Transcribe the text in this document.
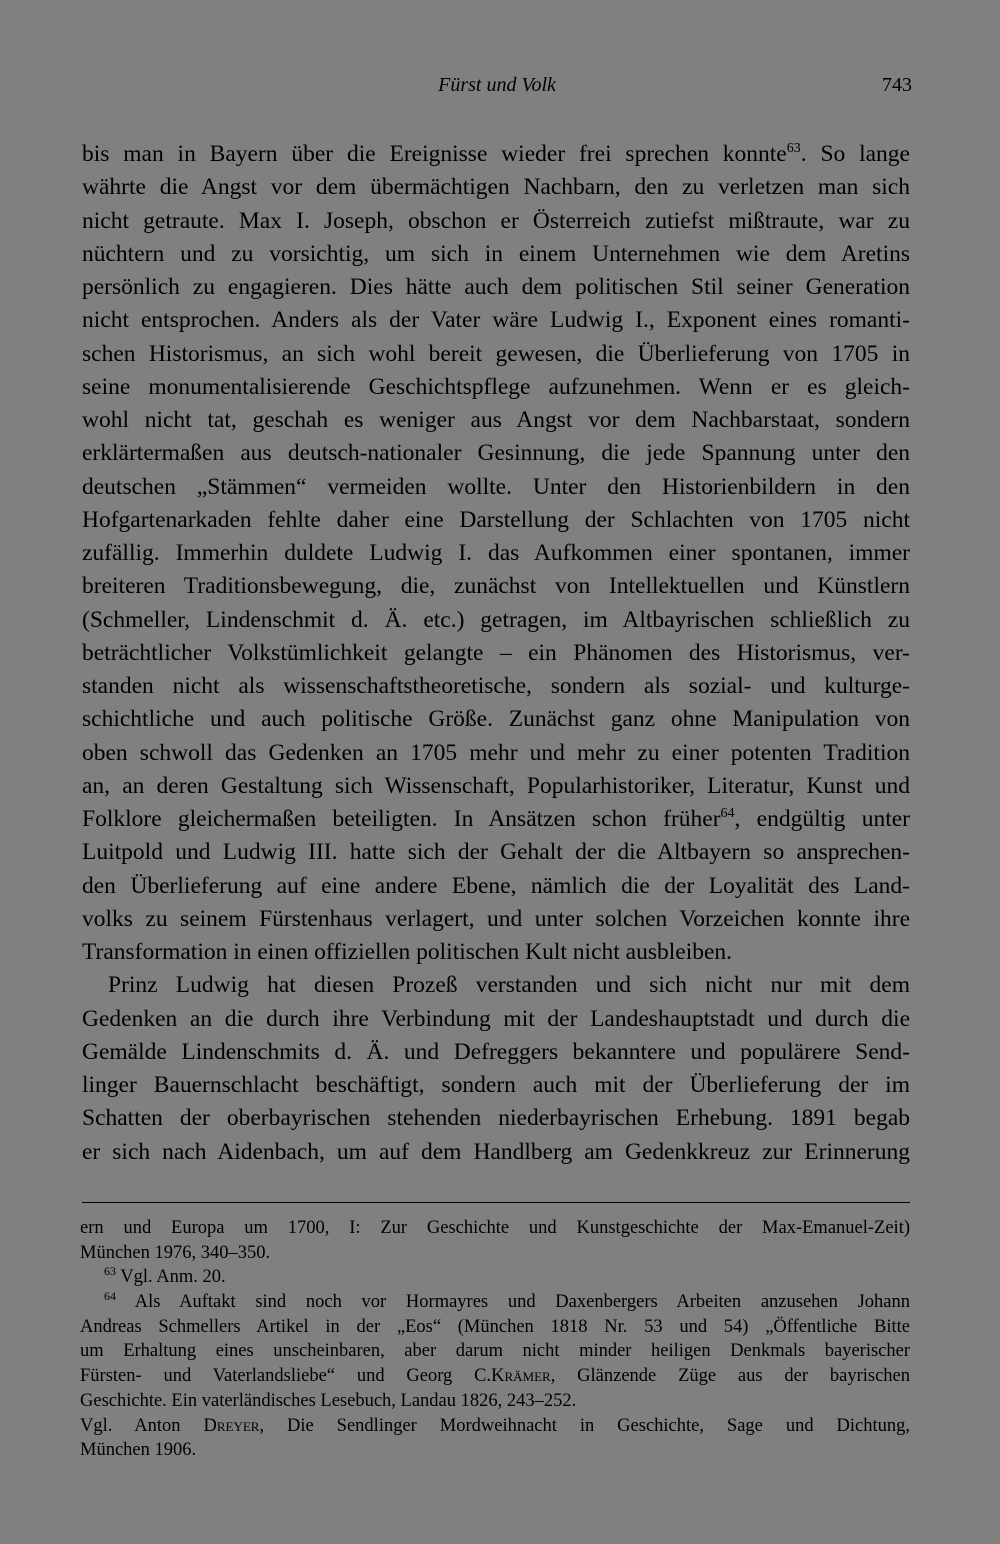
Fürst und Volk	743
bis man in Bayern über die Ereignisse wieder frei sprechen konnte$^{63}$. So lange
währte die Angst vor dem übermächtigen Nachbarn, den zu verletzen man sich
nicht getraute. Max I. Joseph, obschon er Österreich zutiefst mißtraute, war zu
nüchtern und zu vorsichtig, um sich in einem Unternehmen wie dem Aretins
persönlich zu engagieren. Dies hätte auch dem politischen Stil seiner Generation
nicht entsprochen. Anders als der Vater wäre Ludwig I., Exponent eines romanti-
schen Historismus, an sich wohl bereit gewesen, die Überlieferung von 1705 in
seine monumentalisierende Geschichtspflege aufzunehmen. Wenn er es gleich-
wohl nicht tat, geschah es weniger aus Angst vor dem Nachbarstaat, sondern
erklärtermaßen aus deutsch-nationaler Gesinnung, die jede Spannung unter den
deutschen „Stämmen“ vermeiden wollte. Unter den Historienbildern in den
Hofgartenarkaden fehlte daher eine Darstellung der Schlachten von 1705 nicht
zufällig. Immerhin duldete Ludwig I. das Aufkommen einer spontanen, immer
breiteren Traditionsbewegung, die, zunächst von Intellektuellen und Künstlern
(Schmeller, Lindenschmit d. Ä. etc.) getragen, im Altbayrischen schließlich zu
beträchtlicher Volkstümlichkeit gelangte – ein Phänomen des Historismus, ver-
standen nicht als wissenschaftstheoretische, sondern als sozial- und kulturge-
schichtliche und auch politische Größe. Zunächst ganz ohne Manipulation von
oben schwoll das Gedenken an 1705 mehr und mehr zu einer potenten Tradition
an, an deren Gestaltung sich Wissenschaft, Popularhistoriker, Literatur, Kunst und
Folklore gleichermaßen beteiligten. In Ansätzen schon früher$^{64}$, endgültig unter
Luitpold und Ludwig III. hatte sich der Gehalt der die Altbayern so ansprechen-
den Überlieferung auf eine andere Ebene, nämlich die der Loyalität des Land-
volks zu seinem Fürstenhaus verlagert, und unter solchen Vorzeichen konnte ihre
Transformation in einen offiziellen politischen Kult nicht ausbleiben.
Prinz Ludwig hat diesen Prozeß verstanden und sich nicht nur mit dem
Gedenken an die durch ihre Verbindung mit der Landeshauptstadt und durch die
Gemälde Lindenschmits d. Ä. und Defreggers bekanntere und populärere Send-
linger Bauernschlacht beschäftigt, sondern auch mit der Überlieferung der im
Schatten der oberbayrischen stehenden niederbayrischen Erhebung. 1891 begab
er sich nach Aidenbach, um auf dem Handlberg am Gedenkkreuz zur Erinnerung
ern und Europa um 1700, I: Zur Geschichte und Kunstgeschichte der Max-Emanuel-Zeit)
München 1976, 340–350.
$^{63}$ Vgl. Anm. 20.
$^{64}$ Als Auftakt sind noch vor Hormayres und Daxenbergers Arbeiten anzusehen Johann
Andreas Schmellers Artikel in der „Eos“ (München 1818 Nr. 53 und 54) „Öffentliche Bitte
um Erhaltung eines unscheinbaren, aber darum nicht minder heiligen Denkmals bayerischer
Fürsten- und Vaterlandsliebe“ und Georg C.Krämer, Glänzende Züge aus der bayrischen
Geschichte. Ein vaterländisches Lesebuch, Landau 1826, 243–252.
Vgl. Anton Dreyer, Die Sendlinger Mordweihnacht in Geschichte, Sage und Dichtung,
München 1906.
